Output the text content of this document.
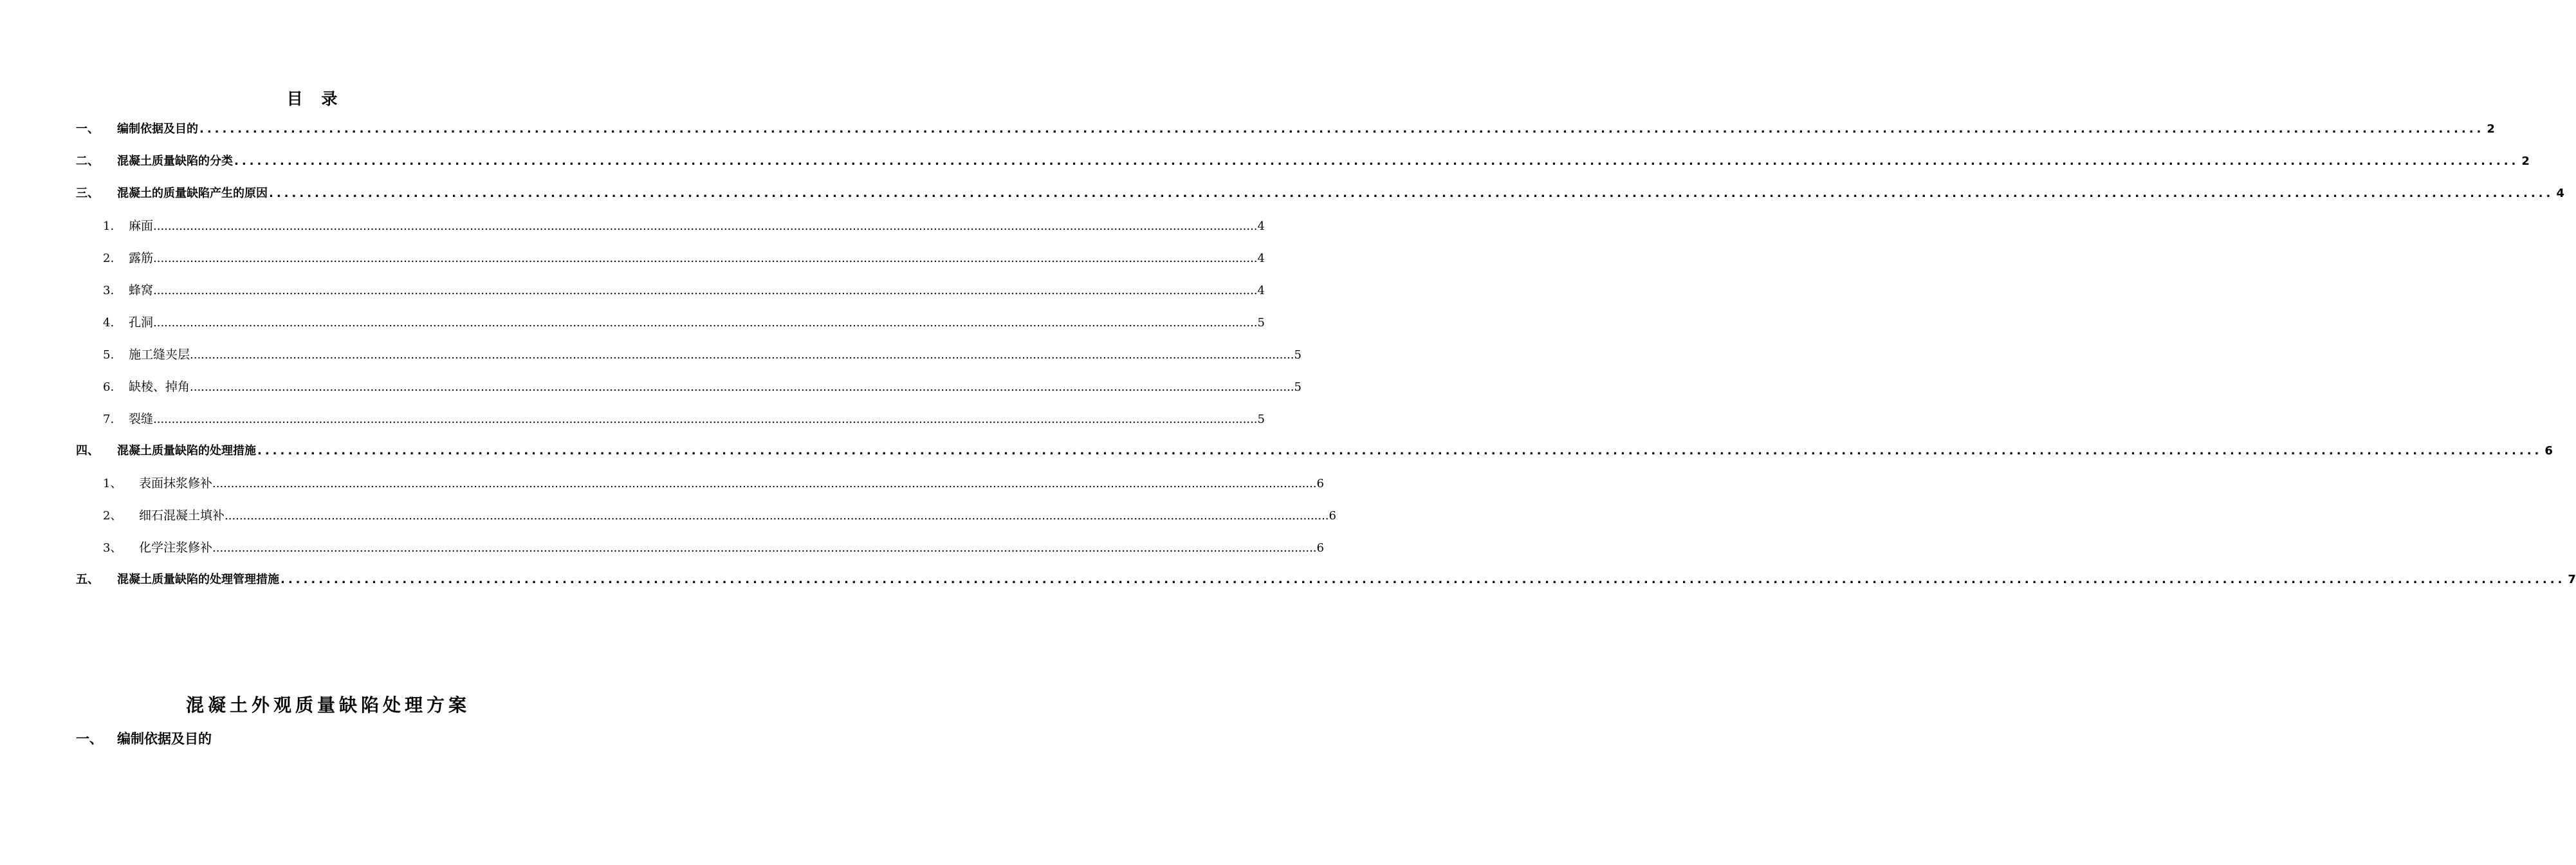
目 录
一、	编制依据及目的 ............................................................................................................................................................................................................................................................................................................ 2
二、	混凝土质量缺陷的分类 ............................................................................................................................................................................................................................................................................................................ 2
三、	混凝土的质量缺陷产生的原因 ............................................................................................................................................................................................................................................................................................................ 4
1.	麻面 ............................................................................................................................................................................................................................................................................................................ 4
2.	露筋 ............................................................................................................................................................................................................................................................................................................ 4
3.	蜂窝 ............................................................................................................................................................................................................................................................................................................ 4
4.	孔洞 ............................................................................................................................................................................................................................................................................................................ 5
5.	施工缝夹层 ............................................................................................................................................................................................................................................................................................................ 5
6.	缺棱、掉角 ............................................................................................................................................................................................................................................................................................................ 5
7.	裂缝 ............................................................................................................................................................................................................................................................................................................ 5
四、	混凝土质量缺陷的处理措施 ............................................................................................................................................................................................................................................................................................................ 6
1、	表面抹浆修补 ............................................................................................................................................................................................................................................................................................................ 6
2、	细石混凝土填补 ............................................................................................................................................................................................................................................................................................................ 6
3、	化学注浆修补 ............................................................................................................................................................................................................................................................................................................ 6
五、	混凝土质量缺陷的处理管理措施 ............................................................................................................................................................................................................................................................................................................ 7
混凝土外观质量缺陷处理方案
一、	编制依据及目的
